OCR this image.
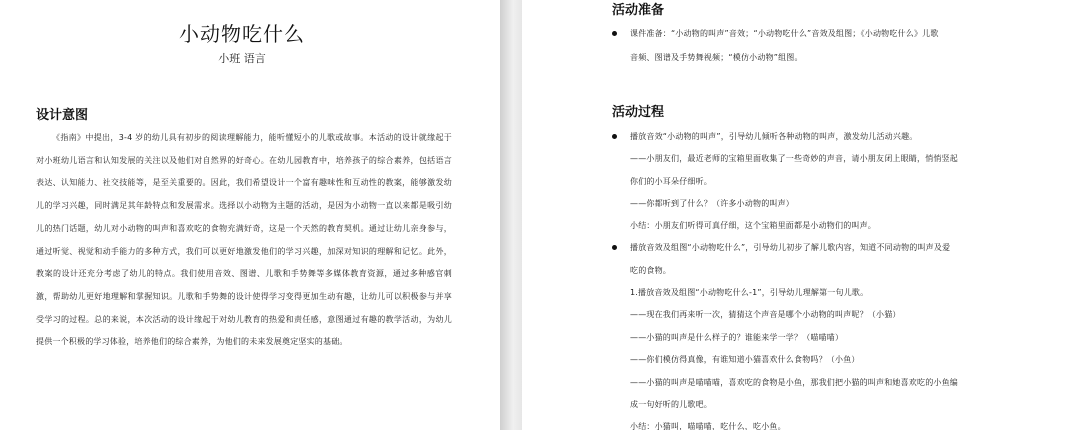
小动物吃什么
小班 语言
设计意图
《指南》中提出，3-4 岁的幼儿具有初步的阅读理解能力，能听懂短小的儿歌或故事。本活动的设计就缘起于对小班幼儿语言和认知发展的关注以及他们对自然界的好奇心。在幼儿园教育中，培养孩子的综合素养，包括语言表达、认知能力、社交技能等，是至关重要的。因此，我们希望设计一个富有趣味性和互动性的教案，能够激发幼儿的学习兴趣，同时满足其年龄特点和发展需求。选择以小动物为主题的活动，是因为小动物一直以来都是吸引幼儿的热门话题，幼儿对小动物的叫声和喜欢吃的食物充满好奇，这是一个天然的教育契机。通过让幼儿亲身参与，通过听觉、视觉和动手能力的多种方式，我们可以更好地激发他们的学习兴趣，加深对知识的理解和记忆。此外，教案的设计还充分考虑了幼儿的特点。我们使用音效、图谱、儿歌和手势舞等多媒体教育资源，通过多种感官刺激，帮助幼儿更好地理解和掌握知识。儿歌和手势舞的设计使得学习变得更加生动有趣，让幼儿可以积极参与并享受学习的过程。总的来说，本次活动的设计缘起于对幼儿教育的热爱和责任感，意图通过有趣的教学活动，为幼儿提供一个积极的学习体验，培养他们的综合素养，为他们的未来发展奠定坚实的基础。
活动准备
课件准备：“小动物的叫声”音效；“小动物吃什么”音效及组图；《小动物吃什么》儿歌
音频、图谱及手势舞视频；“模仿小动物”组图。
活动过程
播放音效“小动物的叫声”，引导幼儿倾听各种动物的叫声，激发幼儿活动兴趣。
——小朋友们，最近老师的宝箱里面收集了一些奇妙的声音，请小朋友闭上眼睛，悄悄竖起
你们的小耳朵仔细听。
——你都听到了什么？（许多小动物的叫声）
小结：小朋友们听得可真仔细，这个宝箱里面都是小动物们的叫声。
播放音效及组图“小动物吃什么”，引导幼儿初步了解儿歌内容，知道不同动物的叫声及爱
吃的食物。
1.播放音效及组图“小动物吃什么-1”，引导幼儿理解第一句儿歌。
——现在我们再来听一次，猜猜这个声音是哪个小动物的叫声呢？（小猫）
——小猫的叫声是什么样子的？谁能来学一学？（喵喵喵）
——你们模仿得真像，有谁知道小猫喜欢什么食物吗？（小鱼）
——小猫的叫声是喵喵喵，喜欢吃的食物是小鱼，那我们把小猫的叫声和她喜欢吃的小鱼编
成一句好听的儿歌吧。
小结：小猫叫，喵喵喵，吃什么，吃小鱼。
